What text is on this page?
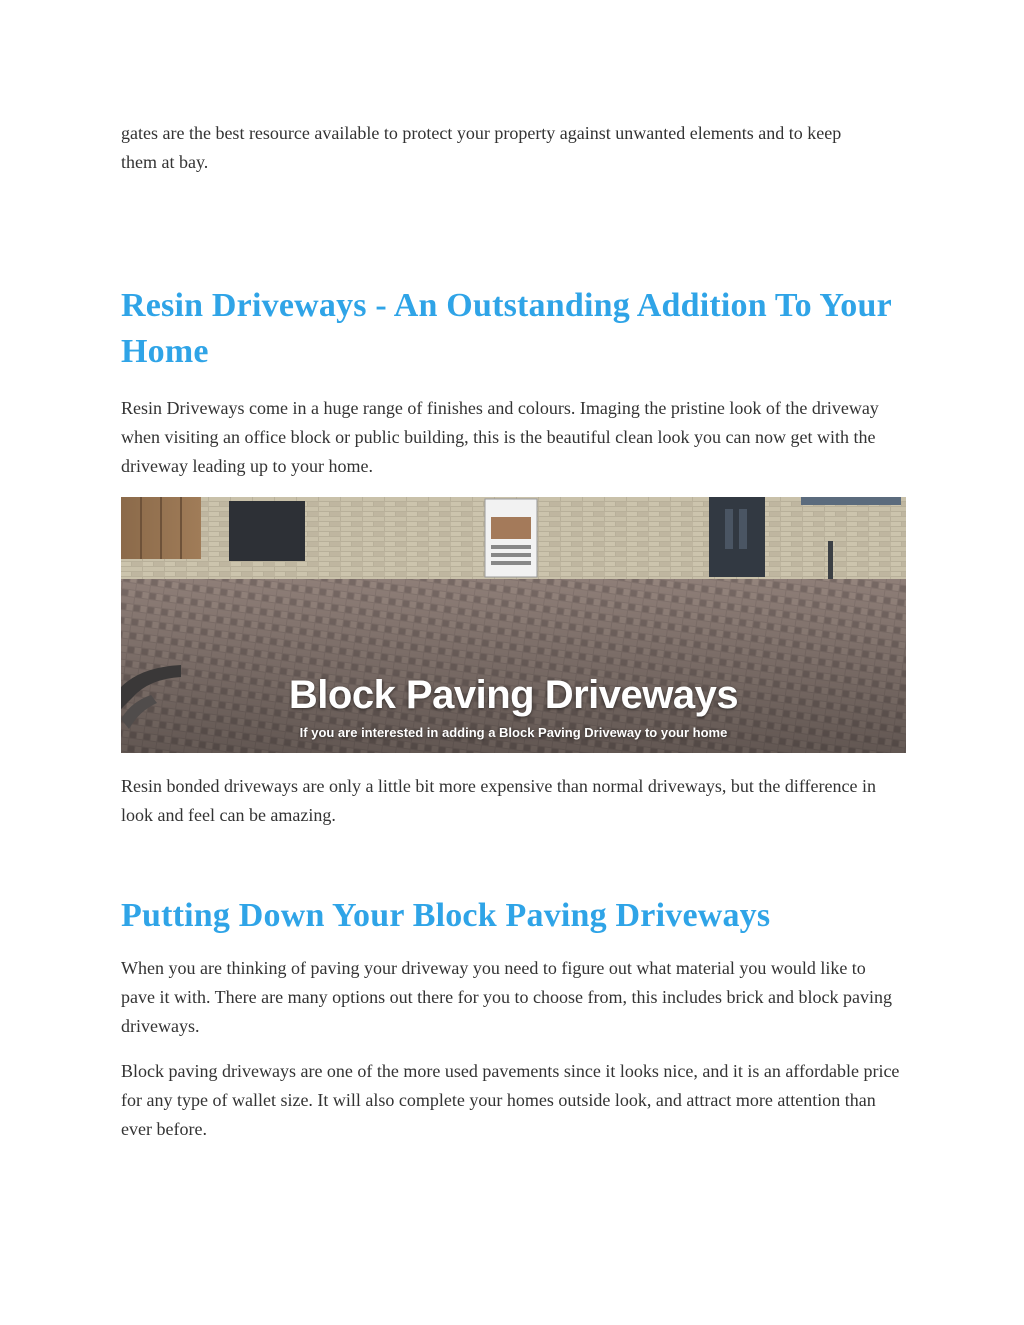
gates are the best resource available to protect your property against unwanted elements and to keep them at bay.

Resin Driveways - An Outstanding Addition To Your Home

Resin Driveways come in a huge range of finishes and colours. Imaging the pristine look of the driveway when visiting an office block or public building, this is the beautiful clean look you can now get with the driveway leading up to your home.

Block Paving Driveways
If you are interested in adding a Block Paving Driveway to your home

Resin bonded driveways are only a little bit more expensive than normal driveways, but the difference in look and feel can be amazing.

Putting Down Your Block Paving Driveways

When you are thinking of paving your driveway you need to figure out what material you would like to pave it with. There are many options out there for you to choose from, this includes brick and block paving driveways.

Block paving driveways are one of the more used pavements since it looks nice, and it is an affordable price for any type of wallet size. It will also complete your homes outside look, and attract more attention than ever before.
